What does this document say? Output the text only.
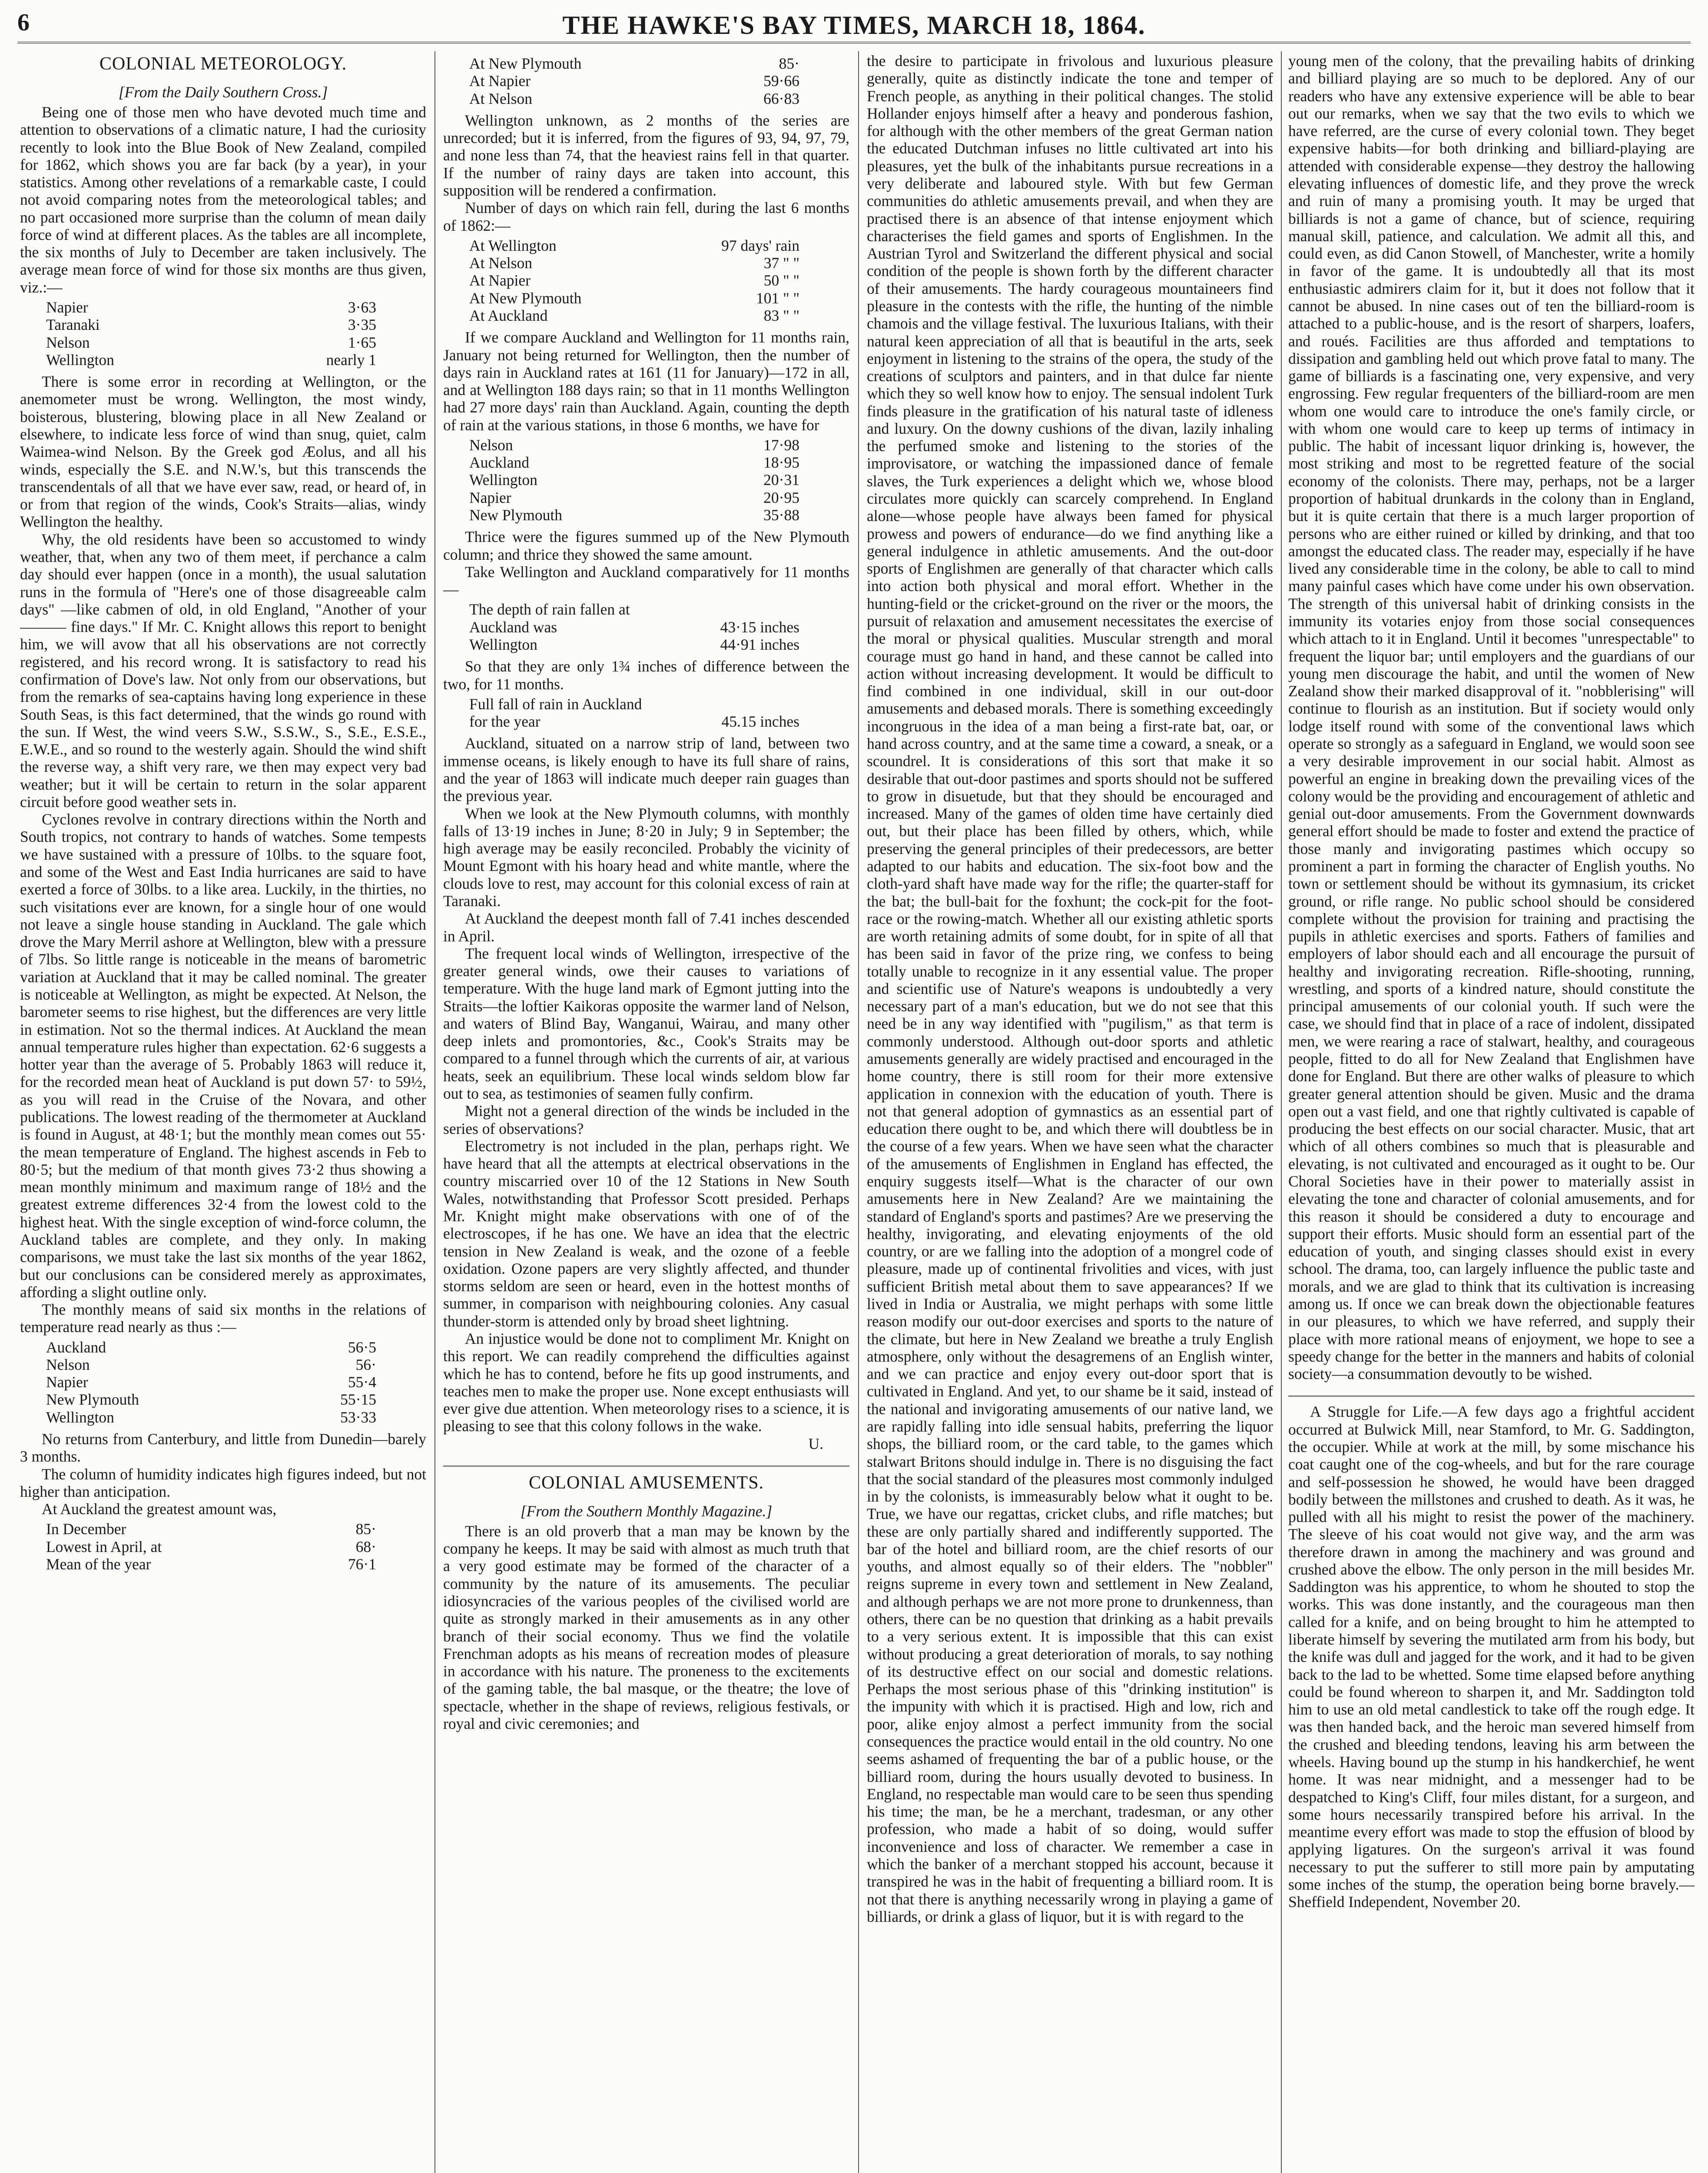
6	THE HAWKE'S BAY TIMES, MARCH 18, 1864.
COLONIAL METEOROLOGY.
[From the Daily Southern Cross.]

Being one of those men who have devoted much time and attention to observations of a climatic nature, I had the curiosity recently to look into the Blue Book of New Zealand, compiled for 1862, which shows you are far back (by a year), in your statistics. Among other revelations of a remarkable caste, I could not avoid comparing notes from the meteorological tables; and no part occasioned more surprise than the column of mean daily force of wind at different places. As the tables are all incomplete, the six months of July to December are taken inclusively. The average mean force of wind for those six months are thus given, viz.:—

Napier	3·63
Taranaki	3·35
Nelson	1·65
Wellington	nearly 1

There is some error in recording at Wellington, or the anemometer must be wrong. Wellington, the most windy, boisterous, blustering, blowing place in all New Zealand or elsewhere, to indicate less force of wind than snug, quiet, calm Waimea-wind Nelson. By the Greek god Æolus, and all his winds, especially the S.E. and N.W.'s, but this transcends the transcendentals of all that we have ever saw, read, or heard of, in or from that region of the winds, Cook's Straits—alias, windy Wellington the healthy.

Why, the old residents have been so accustomed to windy weather, that, when any two of them meet, if perchance a calm day should ever happen (once in a month), the usual salutation runs in the formula of "Here's one of those disagreeable calm days" —like cabmen of old, in old England, "Another of your ——— fine days." If Mr. C. Knight allows this report to benight him, we will avow that all his observations are not correctly registered, and his record wrong. It is satisfactory to read his confirmation of Dove's law. Not only from our observations, but from the remarks of sea-captains having long experience in these South Seas, is this fact determined, that the winds go round with the sun. If West, the wind veers S.W., S.S.W., S., S.E., E.S.E., E.W.E., and so round to the westerly again. Should the wind shift the reverse way, a shift very rare, we then may expect very bad weather; but it will be certain to return in the solar apparent circuit before good weather sets in.

Cyclones revolve in contrary directions within the North and South tropics, not contrary to hands of watches. Some tempests we have sustained with a pressure of 10lbs. to the square foot, and some of the West and East India hurricanes are said to have exerted a force of 30lbs. to a like area. Luckily, in the thirties, no such visitations ever are known, for a single hour of one would not leave a single house standing in Auckland. The gale which drove the Mary Merril ashore at Wellington, blew with a pressure of 7lbs. So little range is noticeable in the means of barometric variation at Auckland that it may be called nominal. The greater is noticeable at Wellington, as might be expected. At Nelson, the barometer seems to rise highest, but the differences are very little in estimation. Not so the thermal indices. At Auckland the mean annual temperature rules higher than expectation. 62·6 suggests a hotter year than the average of 5. Probably 1863 will reduce it, for the recorded mean heat of Auckland is put down 57· to 59½, as you will read in the Cruise of the Novara, and other publications. The lowest reading of the thermometer at Auckland is found in August, at 48·1; but the monthly mean comes out 55· the mean temperature of England. The highest ascends in Feb to 80·5; but the medium of that month gives 73·2 thus showing a mean monthly minimum and maximum range of 18½ and the greatest extreme differences 32·4 from the lowest cold to the highest heat. With the single exception of wind-force column, the Auckland tables are complete, and they only. In making comparisons, we must take the last six months of the year 1862, but our conclusions can be considered merely as approximates, affording a slight outline only.

The monthly means of said six months in the relations of temperature read nearly as thus :—

Auckland	56·5
Nelson	56·
Napier	55·4
New Plymouth	55·15
Wellington	53·33

No returns from Canterbury, and little from Dunedin—barely 3 months.

The column of humidity indicates high figures indeed, but not higher than anticipation.

At Auckland the greatest amount was,

In December	85·
Lowest in April, at	68·
Mean of the year	76·1
At New Plymouth	85·
At Napier	59·66
At Nelson	66·83

Wellington unknown, as 2 months of the series are unrecorded; but it is inferred, from the figures of 93, 94, 97, 79, and none less than 74, that the heaviest rains fell in that quarter. If the number of rainy days are taken into account, this supposition will be rendered a confirmation.

Number of days on which rain fell, during the last 6 months of 1862:—

At Wellington	97 days' rain
At Nelson	37 " "
At Napier	50 " "
At New Plymouth	101 " "
At Auckland	83 " "

If we compare Auckland and Wellington for 11 months rain, January not being returned for Wellington, then the number of days rain in Auckland rates at 161 (11 for January)—172 in all, and at Wellington 188 days rain; so that in 11 months Wellington had 27 more days' rain than Auckland. Again, counting the depth of rain at the various stations, in those 6 months, we have for

Nelson	17·98
Auckland	18·95
Wellington	20·31
Napier	20·95
New Plymouth	35·88

Thrice were the figures summed up of the New Plymouth column; and thrice they showed the same amount.

Take Wellington and Auckland comparatively for 11 months—

The depth of rain fallen at
Auckland was	43·15 inches
Wellington	44·91 inches

So that they are only 1¾ inches of difference between the two, for 11 months.

Full fall of rain in Auckland
for the year	45.15 inches

Auckland, situated on a narrow strip of land, between two immense oceans, is likely enough to have its full share of rains, and the year of 1863 will indicate much deeper rain guages than the previous year.

When we look at the New Plymouth columns, with monthly falls of 13·19 inches in June; 8·20 in July; 9 in September; the high average may be easily reconciled. Probably the vicinity of Mount Egmont with his hoary head and white mantle, where the clouds love to rest, may account for this colonial excess of rain at Taranaki.

At Auckland the deepest month fall of 7.41 inches descended in April.

The frequent local winds of Wellington, irrespective of the greater general winds, owe their causes to variations of temperature. With the huge land mark of Egmont jutting into the Straits—the loftier Kaikoras opposite the warmer land of Nelson, and waters of Blind Bay, Wanganui, Wairau, and many other deep inlets and promontories, &c., Cook's Straits may be compared to a funnel through which the currents of air, at various heats, seek an equilibrium. These local winds seldom blow far out to sea, as testimonies of seamen fully confirm.

Might not a general direction of the winds be included in the series of observations?

Electrometry is not included in the plan, perhaps right. We have heard that all the attempts at electrical observations in the country miscarried over 10 of the 12 Stations in New South Wales, notwithstanding that Professor Scott presided. Perhaps Mr. Knight might make observations with one of of the electroscopes, if he has one. We have an idea that the electric tension in New Zealand is weak, and the ozone of a feeble oxidation. Ozone papers are very slightly affected, and thunder storms seldom are seen or heard, even in the hottest months of summer, in comparison with neighbouring colonies. Any casual thunder-storm is attended only by broad sheet lightning.

An injustice would be done not to compliment Mr. Knight on this report. We can readily comprehend the difficulties against which he has to contend, before he fits up good instruments, and teaches men to make the proper use. None except enthusiasts will ever give due attention. When meteorology rises to a science, it is pleasing to see that this colony follows in the wake.

U.
COLONIAL AMUSEMENTS.
[From the Southern Monthly Magazine.]

There is an old proverb that a man may be known by the company he keeps. It may be said with almost as much truth that a very good estimate may be formed of the character of a community by the nature of its amusements. The peculiar idiosyncracies of the various peoples of the civilised world are quite as strongly marked in their amusements as in any other branch of their social economy. Thus we find the volatile Frenchman adopts as his means of recreation modes of pleasure in accordance with his nature. The proneness to the excitements of the gaming table, the bal masque, or the theatre; the love of spectacle, whether in the shape of reviews, religious festivals, or royal and civic ceremonies; and

the desire to participate in frivolous and luxurious pleasure generally, quite as distinctly indicate the tone and temper of French people, as anything in their political changes. The stolid Hollander enjoys himself after a heavy and ponderous fashion, for although with the other members of the great German nation the educated Dutchman infuses no little cultivated art into his pleasures, yet the bulk of the inhabitants pursue recreations in a very deliberate and laboured style. With but few German communities do athletic amusements prevail, and when they are practised there is an absence of that intense enjoyment which characterises the field games and sports of Englishmen. In the Austrian Tyrol and Switzerland the different physical and social condition of the people is shown forth by the different character of their amusements. The hardy courageous mountaineers find pleasure in the contests with the rifle, the hunting of the nimble chamois and the village festival. The luxurious Italians, with their natural keen appreciation of all that is beautiful in the arts, seek enjoyment in listening to the strains of the opera, the study of the creations of sculptors and painters, and in that dulce far niente which they so well know how to enjoy. The sensual indolent Turk finds pleasure in the gratification of his natural taste of idleness and luxury. On the downy cushions of the divan, lazily inhaling the perfumed smoke and listening to the stories of the improvisatore, or watching the impassioned dance of female slaves, the Turk experiences a delight which we, whose blood circulates more quickly can scarcely comprehend. In England alone—whose people have always been famed for physical prowess and powers of endurance—do we find anything like a general indulgence in athletic amusements. And the out-door sports of Englishmen are generally of that character which calls into action both physical and moral effort. Whether in the hunting-field or the cricket-ground on the river or the moors, the pursuit of relaxation and amusement necessitates the exercise of the moral or physical qualities. Muscular strength and moral courage must go hand in hand, and these cannot be called into action without increasing development. It would be difficult to find combined in one individual, skill in our out-door amusements and debased morals. There is something exceedingly incongruous in the idea of a man being a first-rate bat, oar, or hand across country, and at the same time a coward, a sneak, or a scoundrel. It is considerations of this sort that make it so desirable that out-door pastimes and sports should not be suffered to grow in disuetude, but that they should be encouraged and increased. Many of the games of olden time have certainly died out, but their place has been filled by others, which, while preserving the general principles of their predecessors, are better adapted to our habits and education. The six-foot bow and the cloth-yard shaft have made way for the rifle; the quarter-staff for the bat; the bull-bait for the foxhunt; the cock-pit for the foot-race or the rowing-match. Whether all our existing athletic sports are worth retaining admits of some doubt, for in spite of all that has been said in favor of the prize ring, we confess to being totally unable to recognize in it any essential value. The proper and scientific use of Nature's weapons is undoubtedly a very necessary part of a man's education, but we do not see that this need be in any way identified with "pugilism," as that term is commonly understood. Although out-door sports and athletic amusements generally are widely practised and encouraged in the home country, there is still room for their more extensive application in connexion with the education of youth. There is not that general adoption of gymnastics as an essential part of education there ought to be, and which there will doubtless be in the course of a few years. When we have seen what the character of the amusements of Englishmen in England has effected, the enquiry suggests itself—What is the character of our own amusements here in New Zealand? Are we maintaining the standard of England's sports and pastimes? Are we preserving the healthy, invigorating, and elevating enjoyments of the old country, or are we falling into the adoption of a mongrel code of pleasure, made up of continental frivolities and vices, with just sufficient British metal about them to save appearances? If we lived in India or Australia, we might perhaps with some little reason modify our out-door exercises and sports to the nature of the climate, but here in New Zealand we breathe a truly English atmosphere, only without the desagremens of an English winter, and we can practice and enjoy every out-door sport that is cultivated in England. And yet, to our shame be it said, instead of the national and invigorating amusements of our native land, we are rapidly falling into idle sensual habits, preferring the liquor shops, the billiard room, or the card table, to the games which stalwart Britons should indulge in. There is no disguising the fact that the social standard of the pleasures most commonly indulged in by the colonists, is immeasurably below what it ought to be. True, we have our regattas, cricket clubs, and rifle matches; but these are only partially shared and indifferently supported. The bar of the hotel and billiard room, are the chief resorts of our youths, and almost equally so of their elders. The "nobbler" reigns supreme in every town and settlement in New Zealand, and although perhaps we are not more prone to drunkenness, than others, there can be no question that drinking as a habit prevails to a very serious extent. It is impossible that this can exist without producing a great deterioration of morals, to say nothing of its destructive effect on our social and domestic relations. Perhaps the most serious phase of this "drinking institution" is the impunity with which it is practised. High and low, rich and poor, alike enjoy almost a perfect immunity from the social consequences the practice would entail in the old country. No one seems ashamed of frequenting the bar of a public house, or the billiard room, during the hours usually devoted to business. In England, no respectable man would care to be seen thus spending his time; the man, be he a merchant, tradesman, or any other profession, who made a habit of so doing, would suffer inconvenience and loss of character. We remember a case in which the banker of a merchant stopped his account, because it transpired he was in the habit of frequenting a billiard room. It is not that there is anything necessarily wrong in playing a game of billiards, or drink a glass of liquor, but it is with regard to the

young men of the colony, that the prevailing habits of drinking and billiard playing are so much to be deplored. Any of our readers who have any extensive experience will be able to bear out our remarks, when we say that the two evils to which we have referred, are the curse of every colonial town. They beget expensive habits—for both drinking and billiard-playing are attended with considerable expense—they destroy the hallowing elevating influences of domestic life, and they prove the wreck and ruin of many a promising youth. It may be urged that billiards is not a game of chance, but of science, requiring manual skill, patience, and calculation. We admit all this, and could even, as did Canon Stowell, of Manchester, write a homily in favor of the game. It is undoubtedly all that its most enthusiastic admirers claim for it, but it does not follow that it cannot be abused. In nine cases out of ten the billiard-room is attached to a public-house, and is the resort of sharpers, loafers, and roués. Facilities are thus afforded and temptations to dissipation and gambling held out which prove fatal to many. The game of billiards is a fascinating one, very expensive, and very engrossing. Few regular frequenters of the billiard-room are men whom one would care to introduce the one's family circle, or with whom one would care to keep up terms of intimacy in public. The habit of incessant liquor drinking is, however, the most striking and most to be regretted feature of the social economy of the colonists. There may, perhaps, not be a larger proportion of habitual drunkards in the colony than in England, but it is quite certain that there is a much larger proportion of persons who are either ruined or killed by drinking, and that too amongst the educated class. The reader may, especially if he have lived any considerable time in the colony, be able to call to mind many painful cases which have come under his own observation. The strength of this universal habit of drinking consists in the immunity its votaries enjoy from those social consequences which attach to it in England. Until it becomes "unrespectable" to frequent the liquor bar; until employers and the guardians of our young men discourage the habit, and until the women of New Zealand show their marked disapproval of it. "nobblerising" will continue to flourish as an institution. But if society would only lodge itself round with some of the conventional laws which operate so strongly as a safeguard in England, we would soon see a very desirable improvement in our social habit. Almost as powerful an engine in breaking down the prevailing vices of the colony would be the providing and encouragement of athletic and genial out-door amusements. From the Government downwards general effort should be made to foster and extend the practice of those manly and invigorating pastimes which occupy so prominent a part in forming the character of English youths. No town or settlement should be without its gymnasium, its cricket ground, or rifle range. No public school should be considered complete without the provision for training and practising the pupils in athletic exercises and sports. Fathers of families and employers of labor should each and all encourage the pursuit of healthy and invigorating recreation. Rifle-shooting, running, wrestling, and sports of a kindred nature, should constitute the principal amusements of our colonial youth. If such were the case, we should find that in place of a race of indolent, dissipated men, we were rearing a race of stalwart, healthy, and courageous people, fitted to do all for New Zealand that Englishmen have done for England. But there are other walks of pleasure to which greater general attention should be given. Music and the drama open out a vast field, and one that rightly cultivated is capable of producing the best effects on our social character. Music, that art which of all others combines so much that is pleasurable and elevating, is not cultivated and encouraged as it ought to be. Our Choral Societies have in their power to materially assist in elevating the tone and character of colonial amusements, and for this reason it should be considered a duty to encourage and support their efforts. Music should form an essential part of the education of youth, and singing classes should exist in every school. The drama, too, can largely influence the public taste and morals, and we are glad to think that its cultivation is increasing among us. If once we can break down the objectionable features in our pleasures, to which we have referred, and supply their place with more rational means of enjoyment, we hope to see a speedy change for the better in the manners and habits of colonial society—a consummation devoutly to be wished.

A Struggle for Life.—A few days ago a frightful accident occurred at Bulwick Mill, near Stamford, to Mr. G. Saddington, the occupier. While at work at the mill, by some mischance his coat caught one of the cog-wheels, and but for the rare courage and self-possession he showed, he would have been dragged bodily between the millstones and crushed to death. As it was, he pulled with all his might to resist the power of the machinery. The sleeve of his coat would not give way, and the arm was therefore drawn in among the machinery and was ground and crushed above the elbow. The only person in the mill besides Mr. Saddington was his apprentice, to whom he shouted to stop the works. This was done instantly, and the courageous man then called for a knife, and on being brought to him he attempted to liberate himself by severing the mutilated arm from his body, but the knife was dull and jagged for the work, and it had to be given back to the lad to be whetted. Some time elapsed before anything could be found whereon to sharpen it, and Mr. Saddington told him to use an old metal candlestick to take off the rough edge. It was then handed back, and the heroic man severed himself from the crushed and bleeding tendons, leaving his arm between the wheels. Having bound up the stump in his handkerchief, he went home. It was near midnight, and a messenger had to be despatched to King's Cliff, four miles distant, for a surgeon, and some hours necessarily transpired before his arrival. In the meantime every effort was made to stop the effusion of blood by applying ligatures. On the surgeon's arrival it was found necessary to put the sufferer to still more pain by amputating some inches of the stump, the operation being borne bravely.—Sheffield Independent, November 20.
